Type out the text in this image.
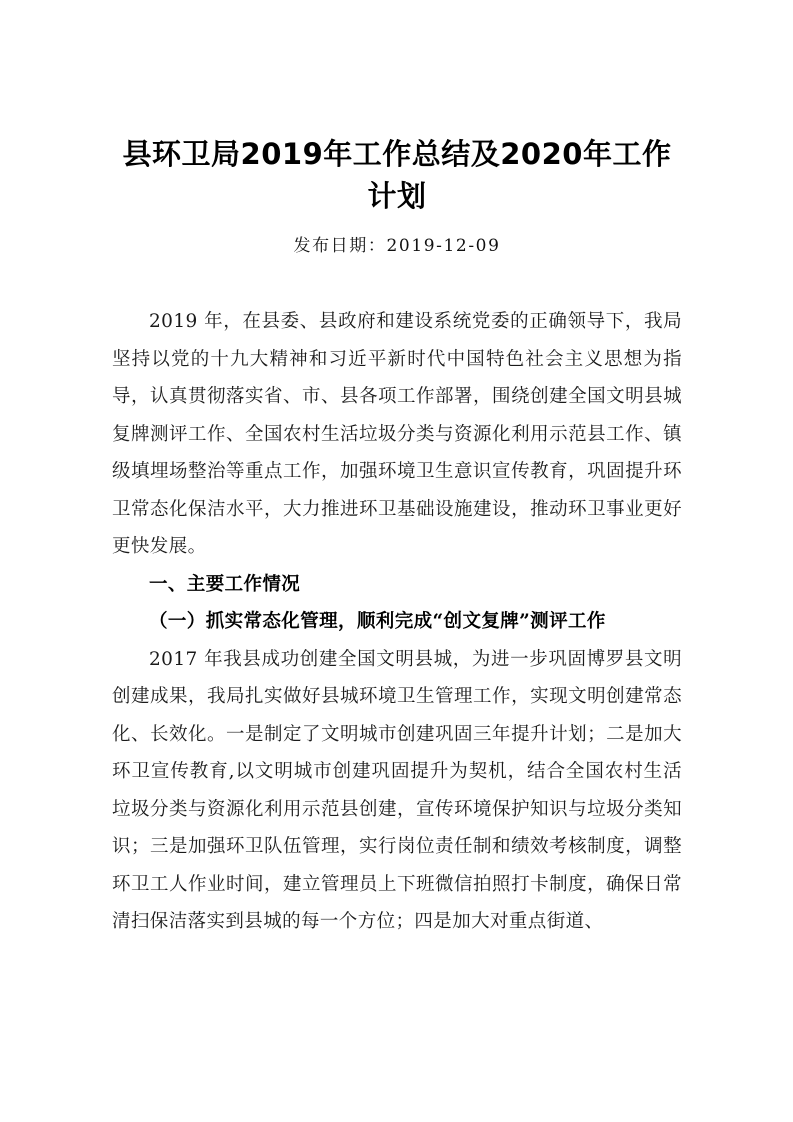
县环卫局2019年工作总结及2020年工作计划
发布日期：2019-12-09

2019 年，在县委、县政府和建设系统党委的正确领导下，我局坚持以党的十九大精神和习近平新时代中国特色社会主义思想为指导，认真贯彻落实省、市、县各项工作部署，围绕创建全国文明县城复牌测评工作、全国农村生活垃圾分类与资源化利用示范县工作、镇级填埋场整治等重点工作，加强环境卫生意识宣传教育，巩固提升环卫常态化保洁水平，大力推进环卫基础设施建设，推动环卫事业更好更快发展。

一、主要工作情况
（一）抓实常态化管理，顺利完成“创文复牌”测评工作

2017 年我县成功创建全国文明县城，为进一步巩固博罗县文明创建成果，我局扎实做好县城环境卫生管理工作，实现文明创建常态化、长效化。一是制定了文明城市创建巩固三年提升计划；二是加大环卫宣传教育,以文明城市创建巩固提升为契机，结合全国农村生活垃圾分类与资源化利用示范县创建，宣传环境保护知识与垃圾分类知识；三是加强环卫队伍管理，实行岗位责任制和绩效考核制度，调整环卫工人作业时间，建立管理员上下班微信拍照打卡制度，确保日常清扫保洁落实到县城的每一个方位；四是加大对重点街道、
